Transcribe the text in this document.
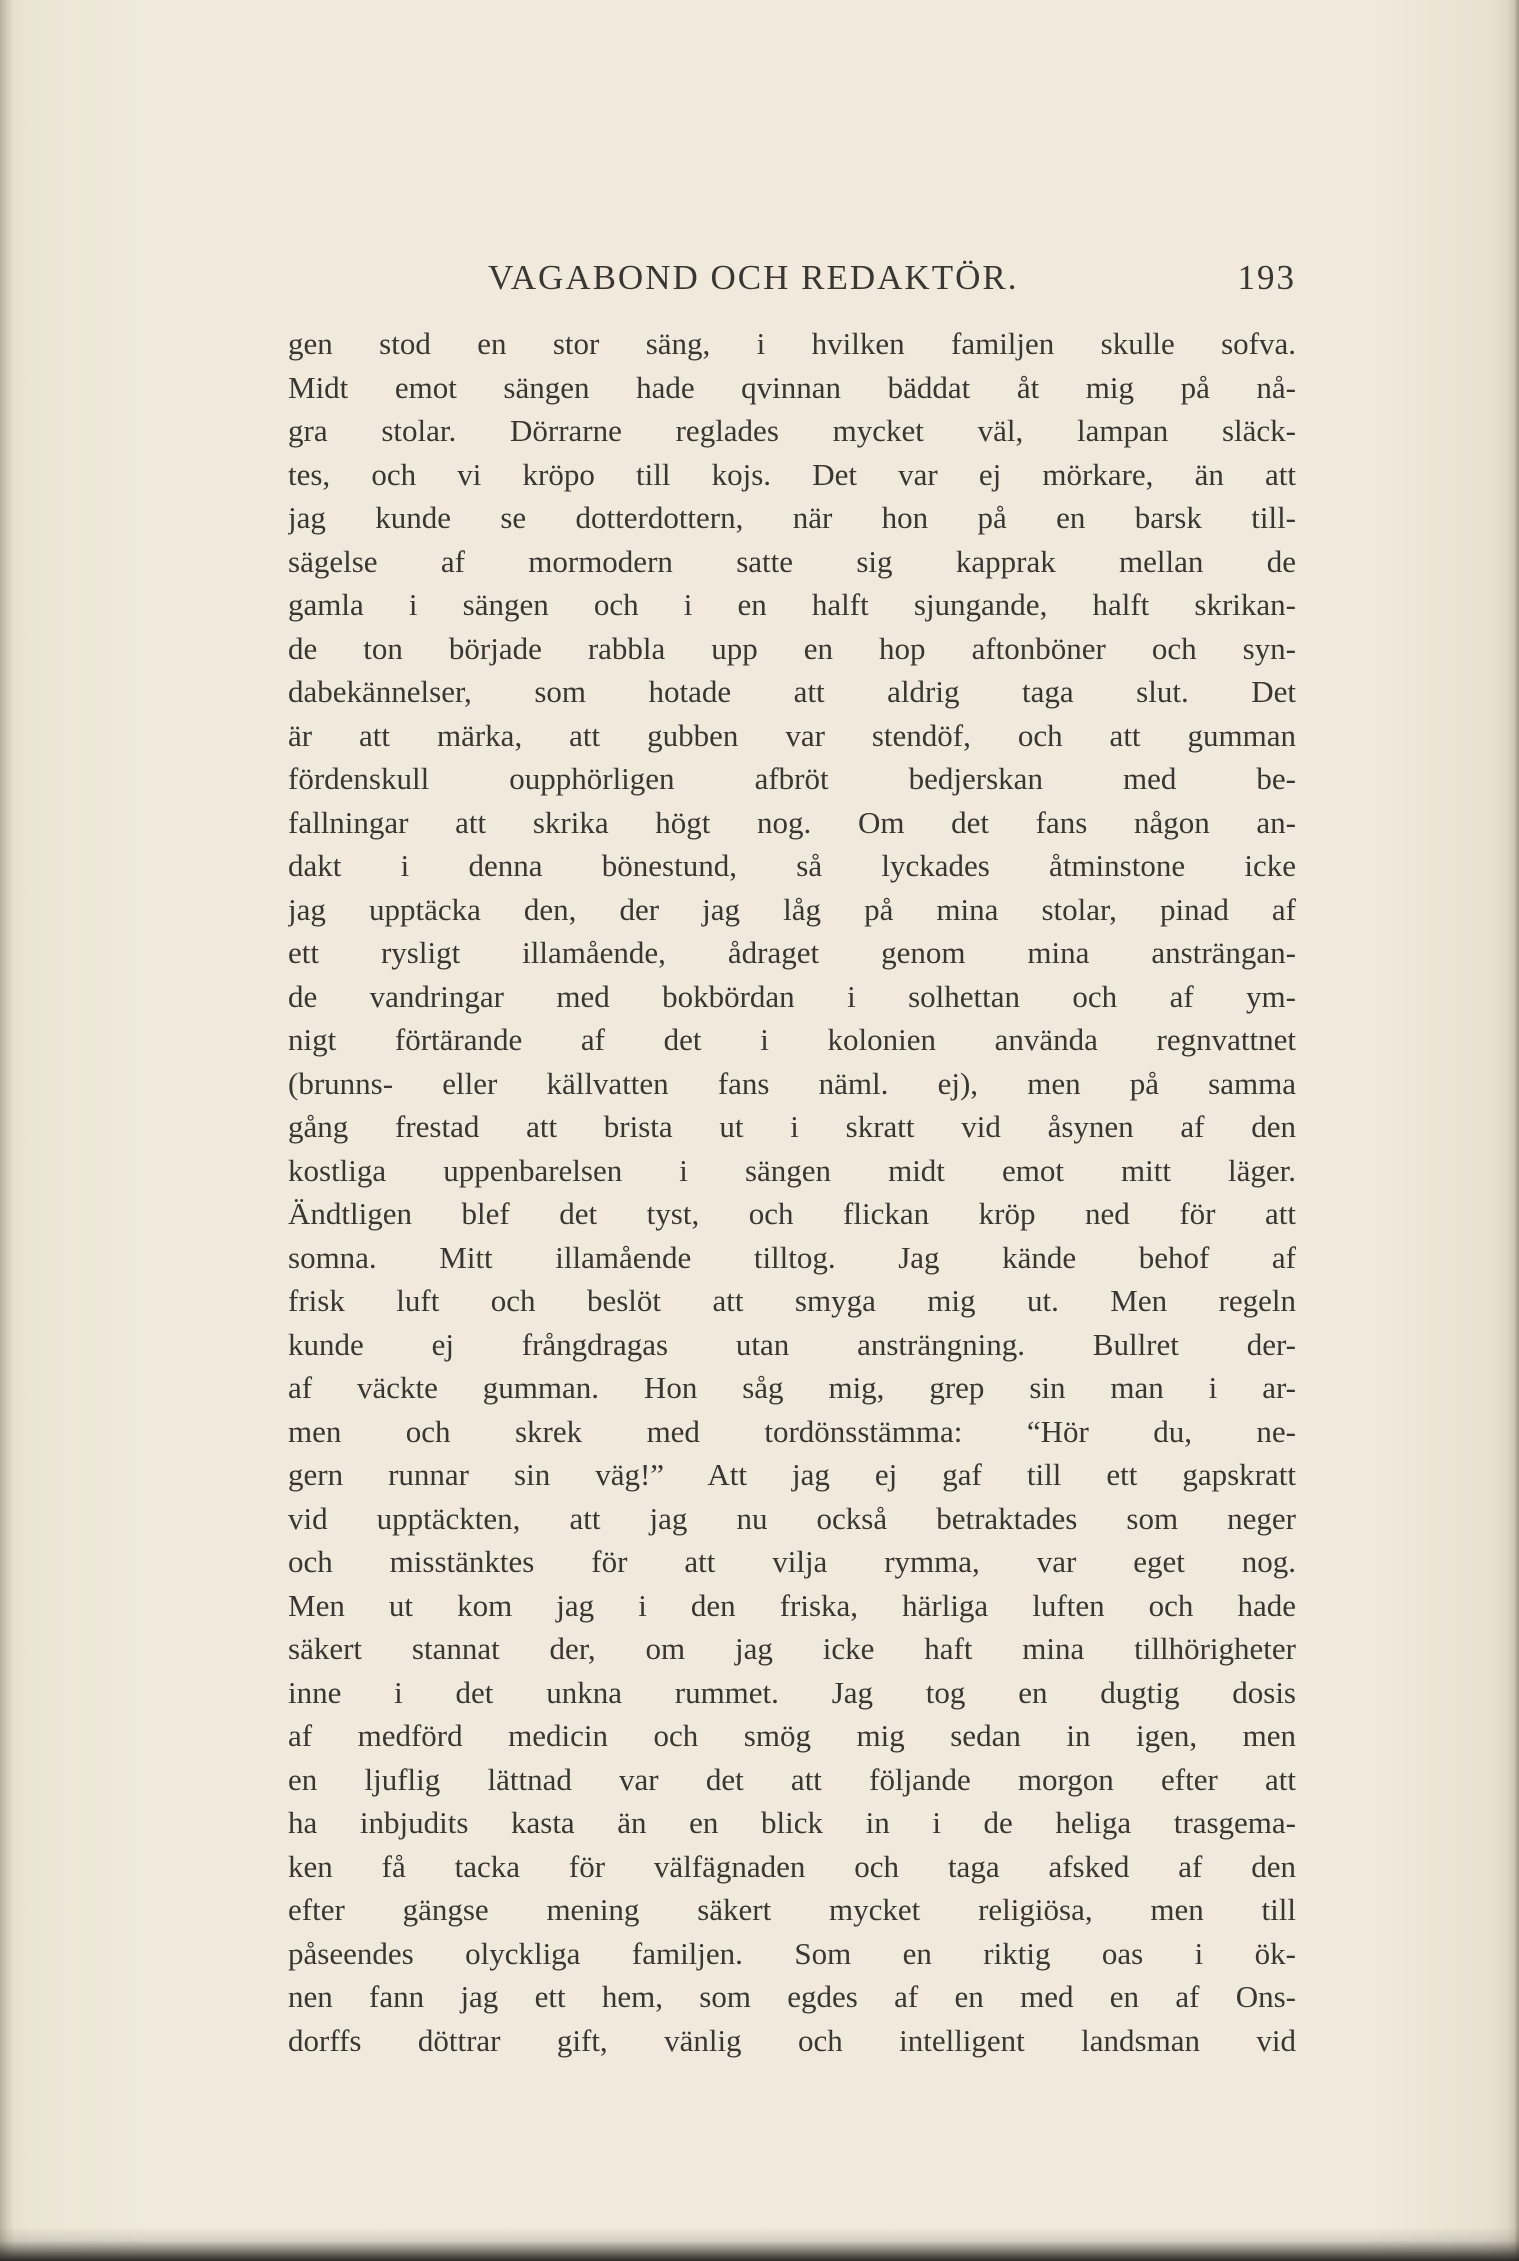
VAGABOND OCH REDAKTÖR.	193
gen stod en stor säng, i hvilken familjen skulle sofva.
Midt emot sängen hade qvinnan bäddat åt mig på nå-
gra stolar. Dörrarne reglades mycket väl, lampan släck-
tes, och vi kröpo till kojs. Det var ej mörkare, än att
jag kunde se dotterdottern, när hon på en barsk till-
sägelse af mormodern satte sig kapprak mellan de
gamla i sängen och i en halft sjungande, halft skrikan-
de ton började rabbla upp en hop aftonböner och syn-
dabekännelser, som hotade att aldrig taga slut. Det
är att märka, att gubben var stendöf, och att gumman
fördenskull oupphörligen afbröt bedjerskan med be-
fallningar att skrika högt nog. Om det fans någon an-
dakt i denna bönestund, så lyckades åtminstone icke
jag upptäcka den, der jag låg på mina stolar, pinad af
ett rysligt illamående, ådraget genom mina ansträngan-
de vandringar med bokbördan i solhettan och af ym-
nigt förtärande af det i kolonien använda regnvattnet
(brunns- eller källvatten fans näml. ej), men på samma
gång frestad att brista ut i skratt vid åsynen af den
kostliga uppenbarelsen i sängen midt emot mitt läger.
Ändtligen blef det tyst, och flickan kröp ned för att
somna. Mitt illamående tilltog. Jag kände behof af
frisk luft och beslöt att smyga mig ut. Men regeln
kunde ej frångdragas utan ansträngning. Bullret der-
af väckte gumman. Hon såg mig, grep sin man i ar-
men och skrek med tordönsstämma: “Hör du, ne-
gern runnar sin väg!” Att jag ej gaf till ett gapskratt
vid upptäckten, att jag nu också betraktades som neger
och misstänktes för att vilja rymma, var eget nog.
Men ut kom jag i den friska, härliga luften och hade
säkert stannat der, om jag icke haft mina tillhörigheter
inne i det unkna rummet. Jag tog en dugtig dosis
af medförd medicin och smög mig sedan in igen, men
en ljuflig lättnad var det att följande morgon efter att
ha inbjudits kasta än en blick in i de heliga trasgema-
ken få tacka för välfägnaden och taga afsked af den
efter gängse mening säkert mycket religiösa, men till
påseendes olyckliga familjen. Som en riktig oas i ök-
nen fann jag ett hem, som egdes af en med en af Ons-
dorffs döttrar gift, vänlig och intelligent landsman vid
